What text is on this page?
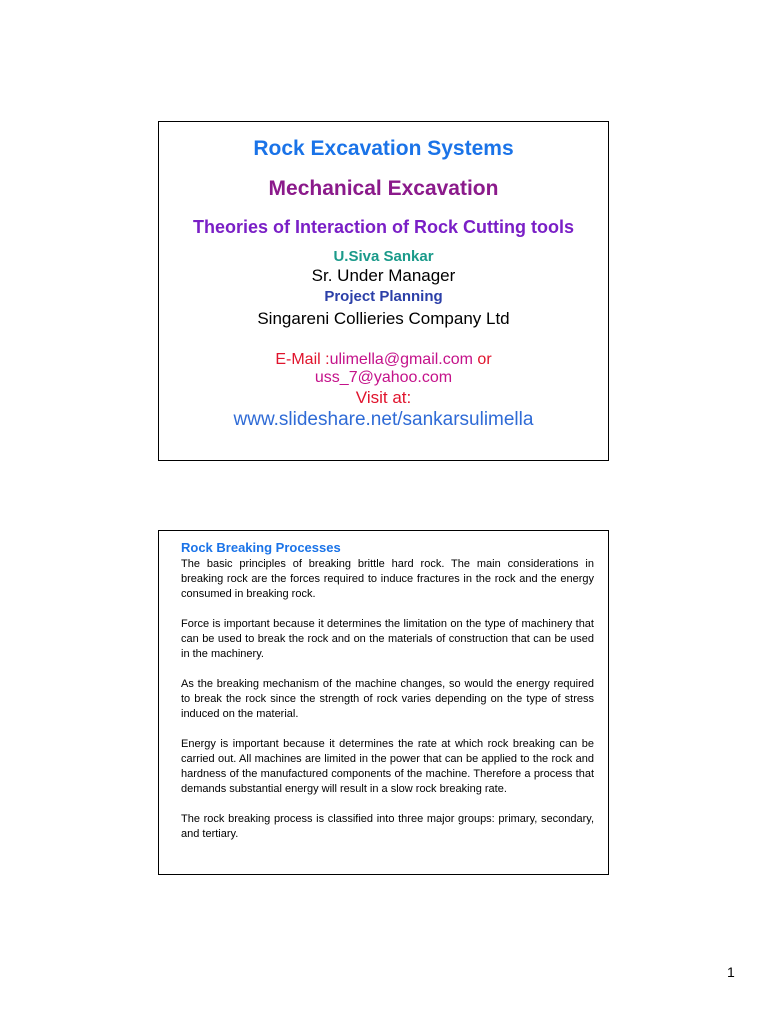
Rock Excavation Systems
Mechanical Excavation
Theories of Interaction of Rock Cutting tools
U.Siva Sankar
Sr. Under Manager
Project Planning
Singareni Collieries Company Ltd
E-Mail :ulimella@gmail.com or
uss_7@yahoo.com
Visit at:
www.slideshare.net/sankarsulimella
Rock Breaking Processes

The basic principles of breaking brittle hard rock. The main considerations in breaking rock are the forces required to induce fractures in the rock and the energy consumed in breaking rock.

Force is important because it determines the limitation on the type of machinery that can be used to break the rock and on the materials of construction that can be used in the machinery.

As the breaking mechanism of the machine changes, so would the energy required to break the rock since the strength of rock varies depending on the type of stress induced on the material.

Energy is important because it determines the rate at which rock breaking can be carried out. All machines are limited in the power that can be applied to the rock and hardness of the manufactured components of the machine. Therefore a process that demands substantial energy will result in a slow rock breaking rate.

The rock breaking process is classified into three major groups: primary, secondary, and tertiary.

1
